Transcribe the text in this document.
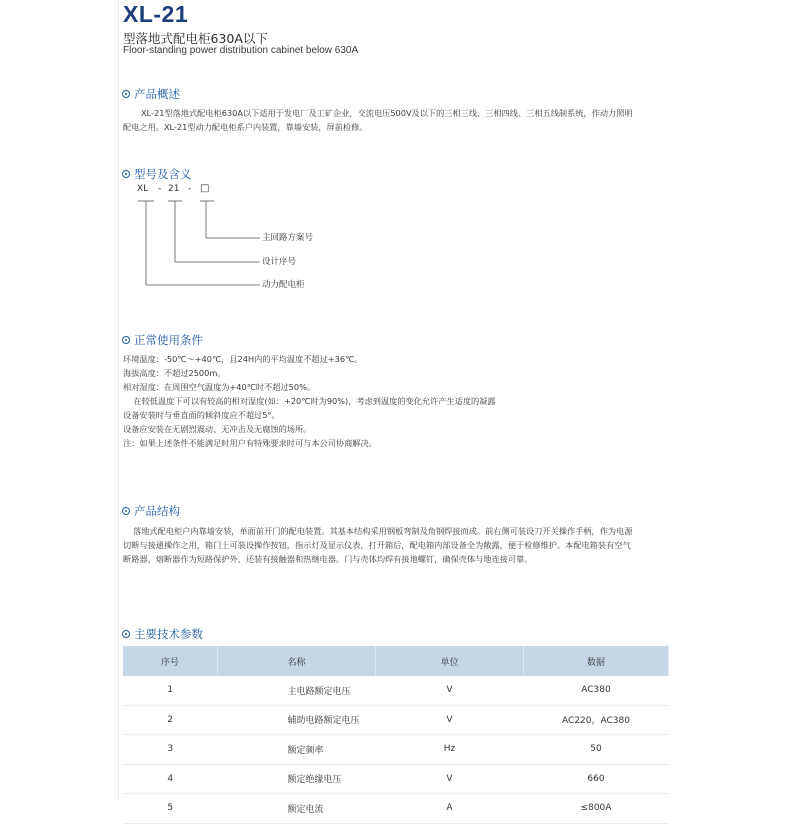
XL-21
型落地式配电柜630A以下
Floor-standing power distribution cabinet below 630A
产品概述
XL-21型落地式配电柜630A以下适用于发电厂及工矿企业，交流电压500V及以下的三相三线、三相四线、三相五线制系统，作动力照明
配电之用。XL-21型动力配电柜系户内装置，靠墙安装，屏前检修。
型号及含义
XL - 21 - □
主回路方案号
设计序号
动力配电柜
正常使用条件
环境温度：-50℃～+40℃，且24H内的平均温度不超过+36℃。
海拔高度：不超过2500m。
相对湿度：在周围空气温度为+40℃时不超过50%。
在较低温度下可以有较高的相对湿度(如：+20℃时为90%)，考虑到温度的变化允许产生适度的凝露
设备安装时与垂直面的倾斜度应不超过5°。
设备应安装在无剧烈震动、无冲击及无腐蚀的场所。
注：如果上述条件不能满足时用户有特殊要求时可与本公司协商解决。
产品结构
落地式配电柜户内靠墙安装，单面前开门的配电装置。其基本结构采用钢板弯制及角钢焊接而成。前右侧可装设刀开关操作手柄，作为电源
切断与接通操作之用，箱门上可装设操作按钮，指示灯及显示仪表，打开箱后，配电箱内部设备全为敞露，便于检修维护。本配电箱装有空气
断路器，熔断器作为短路保护外，还装有接触器和热继电器。门与壳体均焊有接地螺钉，确保壳体与地连接可靠。
主要技术参数
序号	名称	单位	数据
1	主电路额定电压	V	AC380
2	辅助电路额定电压	V	AC220，AC380
3	额定频率	Hz	50
4	额定绝缘电压	V	660
5	额定电流	A	≤800A
